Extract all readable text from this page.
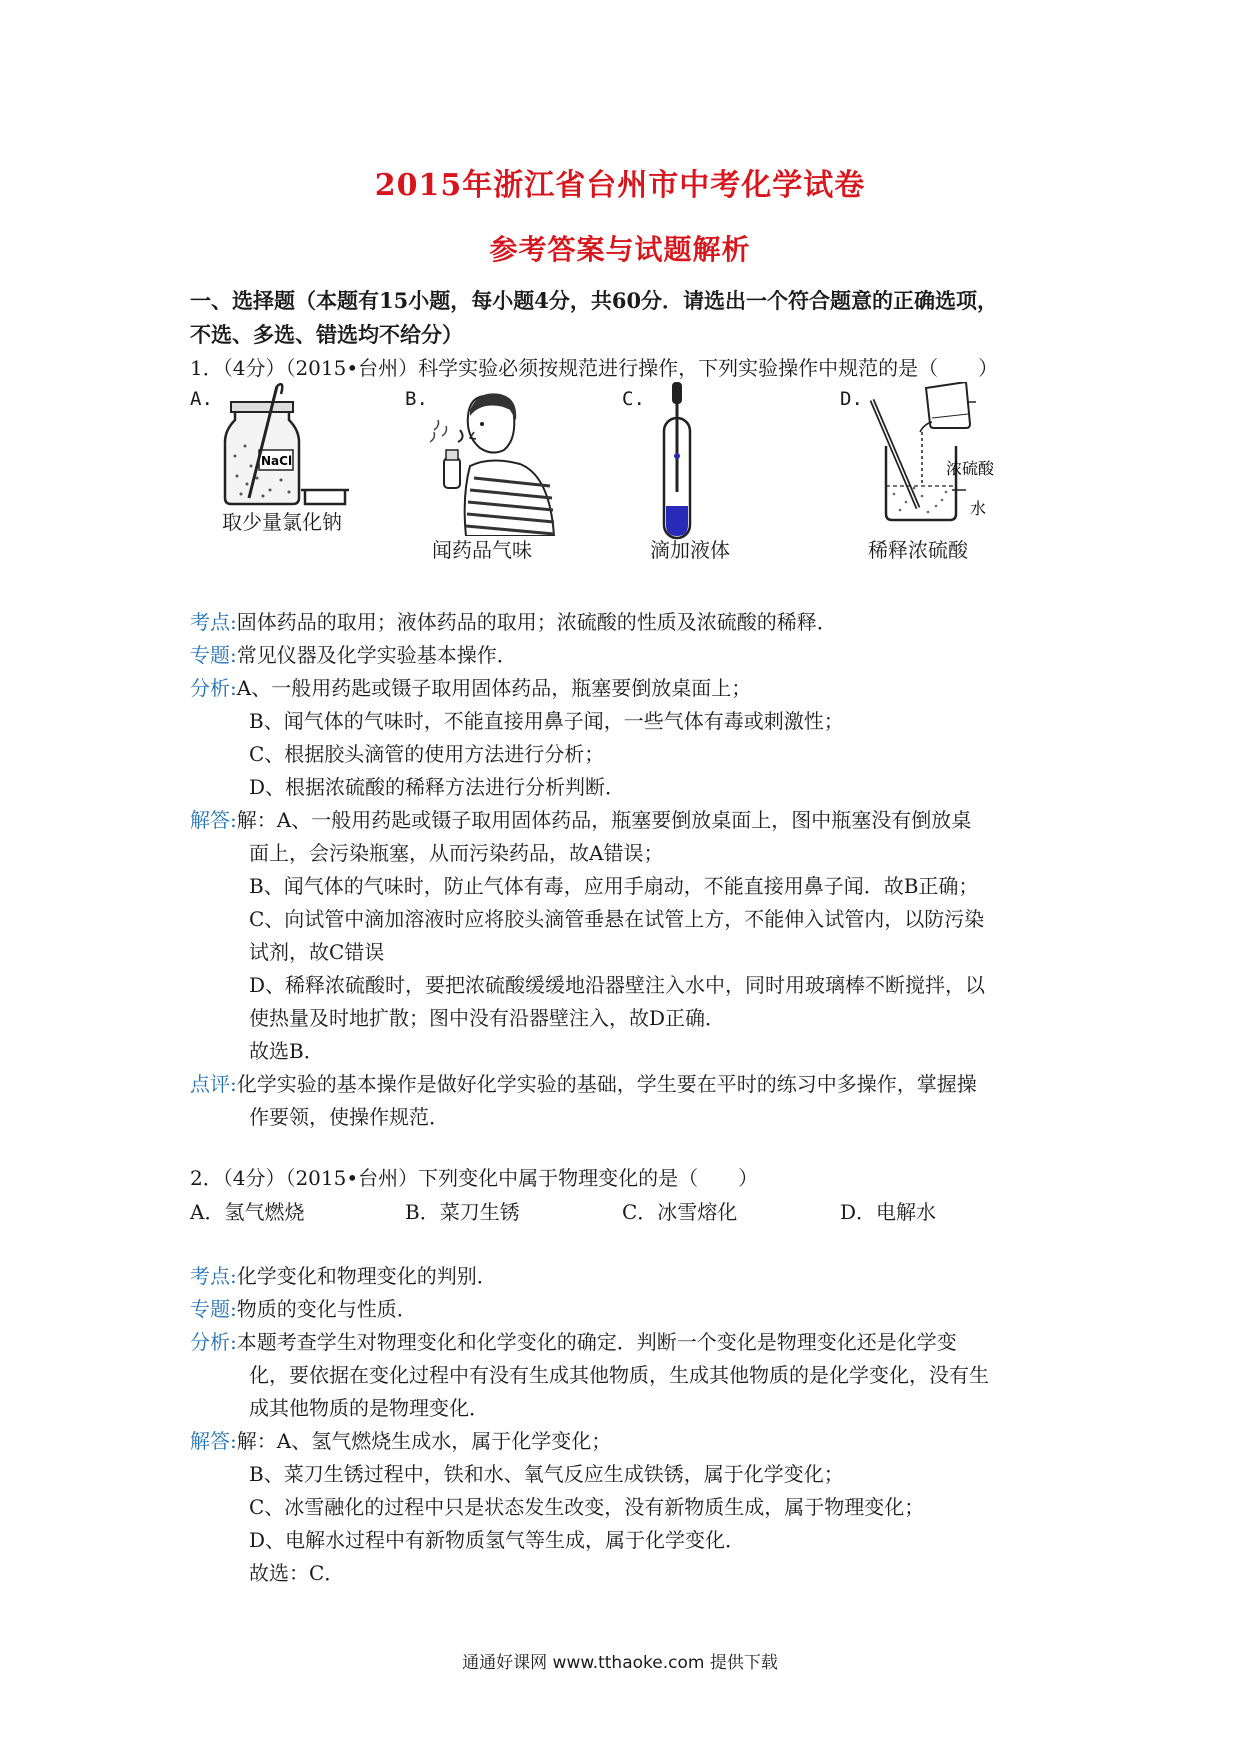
2015年浙江省台州市中考化学试卷
参考答案与试题解析
一、选择题（本题有15小题，每小题4分，共60分．请选出一个符合题意的正确选项，
不选、多选、错选均不给分）
1．（4分）（2015•台州）科学实验必须按规范进行操作，下列实验操作中规范的是（　　）
A.	B.	C.	D.
NaCl
取少量氯化钠
闻药品气味	滴加液体
浓硫酸
水
稀释浓硫酸
考点:固体药品的取用；液体药品的取用；浓硫酸的性质及浓硫酸的稀释．
专题:常见仪器及化学实验基本操作．
分析:A、一般用药匙或镊子取用固体药品，瓶塞要倒放桌面上；
B、闻气体的气味时，不能直接用鼻子闻，一些气体有毒或刺激性；
C、根据胶头滴管的使用方法进行分析；
D、根据浓硫酸的稀释方法进行分析判断．
解答:解：A、一般用药匙或镊子取用固体药品，瓶塞要倒放桌面上，图中瓶塞没有倒放桌
面上，会污染瓶塞，从而污染药品，故A错误；
B、闻气体的气味时，防止气体有毒，应用手扇动，不能直接用鼻子闻．故B正确；
C、向试管中滴加溶液时应将胶头滴管垂悬在试管上方，不能伸入试管内，以防污染
试剂，故C错误
D、稀释浓硫酸时，要把浓硫酸缓缓地沿器壁注入水中，同时用玻璃棒不断搅拌，以
使热量及时地扩散；图中没有沿器壁注入，故D正确．
故选B．
点评:化学实验的基本操作是做好化学实验的基础，学生要在平时的练习中多操作，掌握操
作要领，使操作规范．
2．（4分）（2015•台州）下列变化中属于物理变化的是（　　）
A．氢气燃烧	B．菜刀生锈	C．冰雪熔化	D．电解水
考点:化学变化和物理变化的判别．
专题:物质的变化与性质．
分析:本题考查学生对物理变化和化学变化的确定．判断一个变化是物理变化还是化学变
化，要依据在变化过程中有没有生成其他物质，生成其他物质的是化学变化，没有生
成其他物质的是物理变化．
解答:解：A、氢气燃烧生成水，属于化学变化；
B、菜刀生锈过程中，铁和水、氧气反应生成铁锈，属于化学变化；
C、冰雪融化的过程中只是状态发生改变，没有新物质生成，属于物理变化；
D、电解水过程中有新物质氢气等生成，属于化学变化．
故选：C．
通通好课网 www.tthaoke.com 提供下载
